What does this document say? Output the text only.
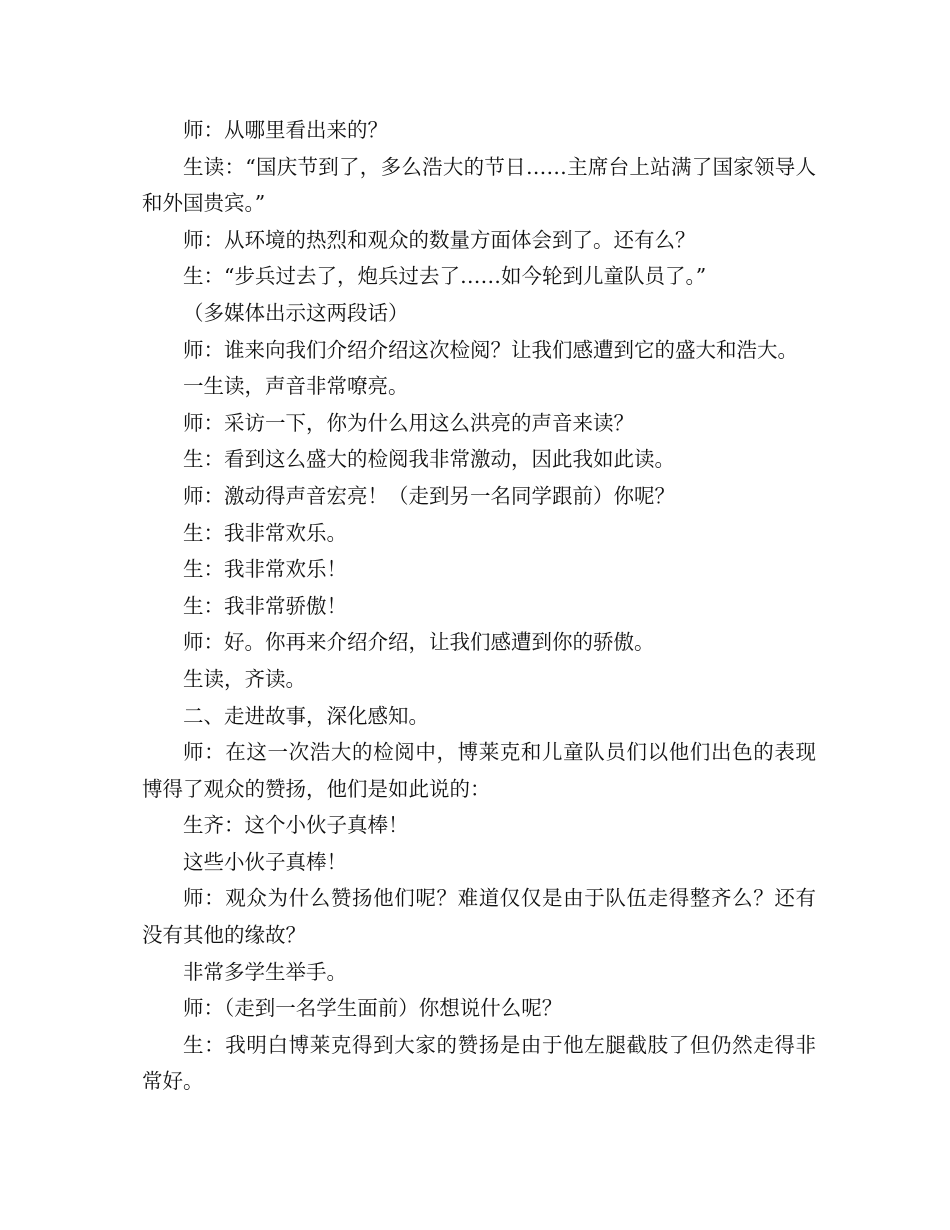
师：从哪里看出来的？

生读：“国庆节到了，多么浩大的节日……主席台上站满了国家领导人和外国贵宾。”

师：从环境的热烈和观众的数量方面体会到了。还有么？

生：“步兵过去了，炮兵过去了……如今轮到儿童队员了。”

（多媒体出示这两段话）

师：谁来向我们介绍介绍这次检阅？让我们感遭到它的盛大和浩大。

一生读，声音非常嘹亮。

师：采访一下，你为什么用这么洪亮的声音来读？

生：看到这么盛大的检阅我非常激动，因此我如此读。

师：激动得声音宏亮！（走到另一名同学跟前）你呢？

生：我非常欢乐。

生：我非常欢乐！

生：我非常骄傲！

师：好。你再来介绍介绍，让我们感遭到你的骄傲。

生读，齐读。

二、走进故事，深化感知。

师：在这一次浩大的检阅中，博莱克和儿童队员们以他们出色的表现博得了观众的赞扬，他们是如此说的：

生齐：这个小伙子真棒！

这些小伙子真棒！

师：观众为什么赞扬他们呢？难道仅仅是由于队伍走得整齐么？还有没有其他的缘故？

非常多学生举手。

师：（走到一名学生面前）你想说什么呢？

生：我明白博莱克得到大家的赞扬是由于他左腿截肢了但仍然走得非常好。
